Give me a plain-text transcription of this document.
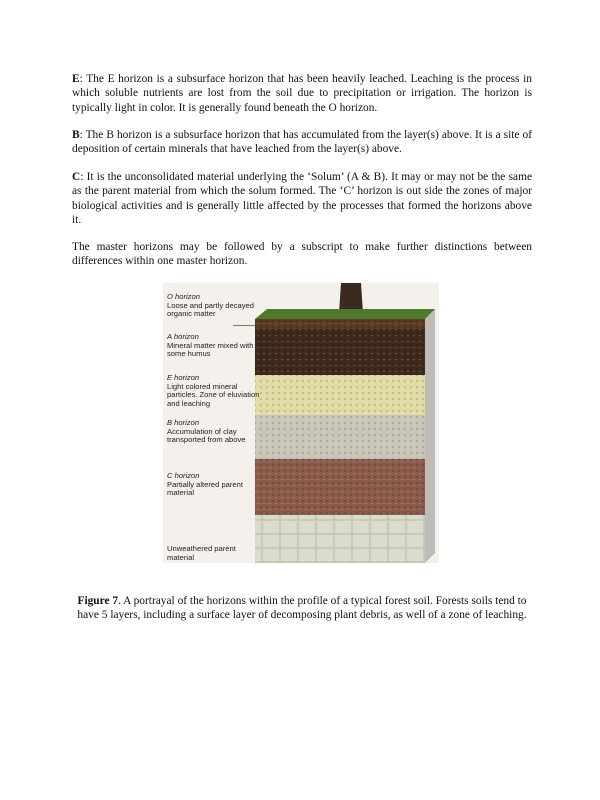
E: The E horizon is a subsurface horizon that has been heavily leached. Leaching is the process in which soluble nutrients are lost from the soil due to precipitation or irrigation. The horizon is typically light in color. It is generally found beneath the O horizon.

B: The B horizon is a subsurface horizon that has accumulated from the layer(s) above. It is a site of deposition of certain minerals that have leached from the layer(s) above.

C: It is the unconsolidated material underlying the ‘Solum’ (A & B). It may or may not be the same as the parent material from which the solum formed. The ‘C’ horizon is out side the zones of major biological activities and is generally little affected by the processes that formed the horizons above it.

The master horizons may be followed by a subscript to make further distinctions between differences within one master horizon.

O horizon
Loose and partly decayed organic matter
A horizon
Mineral matter mixed with some humus
E horizon
Light colored mineral particles. Zone of eluviation and leaching
B horizon
Accumulation of clay transported from above
C horizon
Partially altered parent material
Unweathered parent material

Figure 7. A portrayal of the horizons within the profile of a typical forest soil. Forests soils tend to have 5 layers, including a surface layer of decomposing plant debris, as well of a zone of leaching.
